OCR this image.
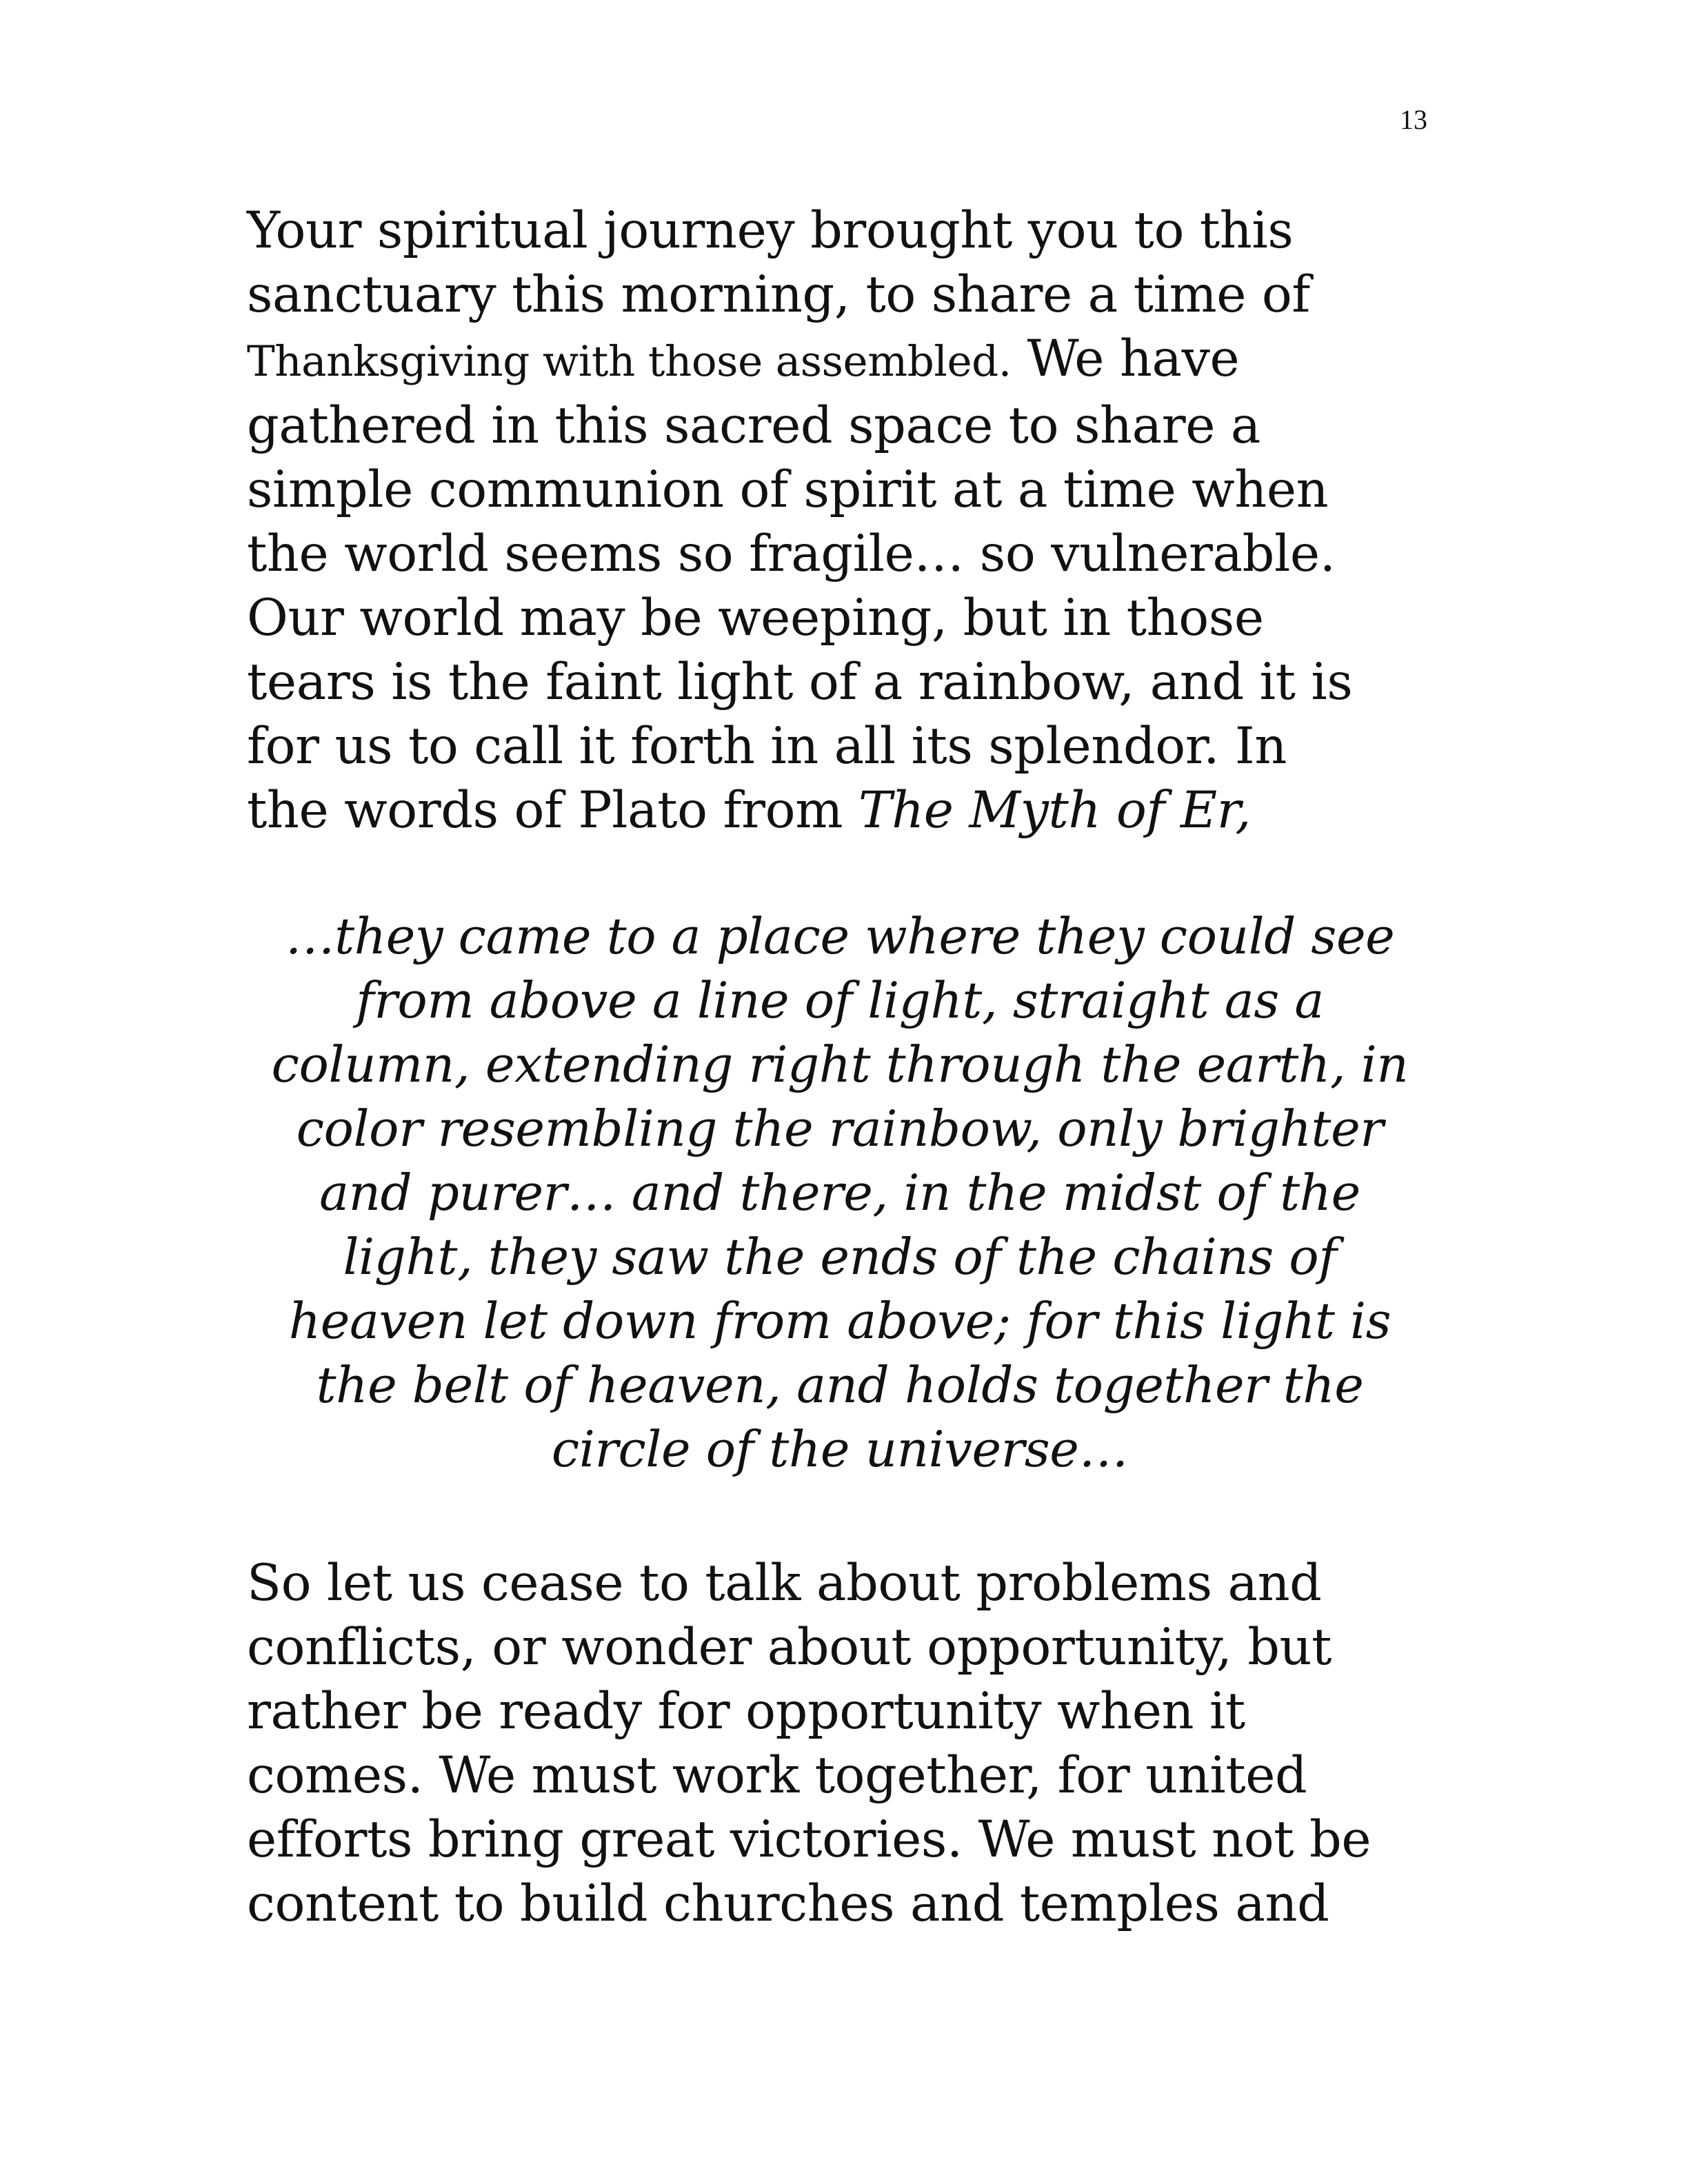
13
Your spiritual journey brought you to this
sanctuary this morning, to share a time of
Thanksgiving with those assembled. We have
gathered in this sacred space to share a
simple communion of spirit at a time when
the world seems so fragile… so vulnerable.
Our world may be weeping, but in those
tears is the faint light of a rainbow, and it is
for us to call it forth in all its splendor. In
the words of Plato from The Myth of Er,
…they came to a place where they could see
from above a line of light, straight as a
column, extending right through the earth, in
color resembling the rainbow, only brighter
and purer… and there, in the midst of the
light, they saw the ends of the chains of
heaven let down from above; for this light is
the belt of heaven, and holds together the
circle of the universe…
So let us cease to talk about problems and
conflicts, or wonder about opportunity, but
rather be ready for opportunity when it
comes. We must work together, for united
efforts bring great victories. We must not be
content to build churches and temples and
